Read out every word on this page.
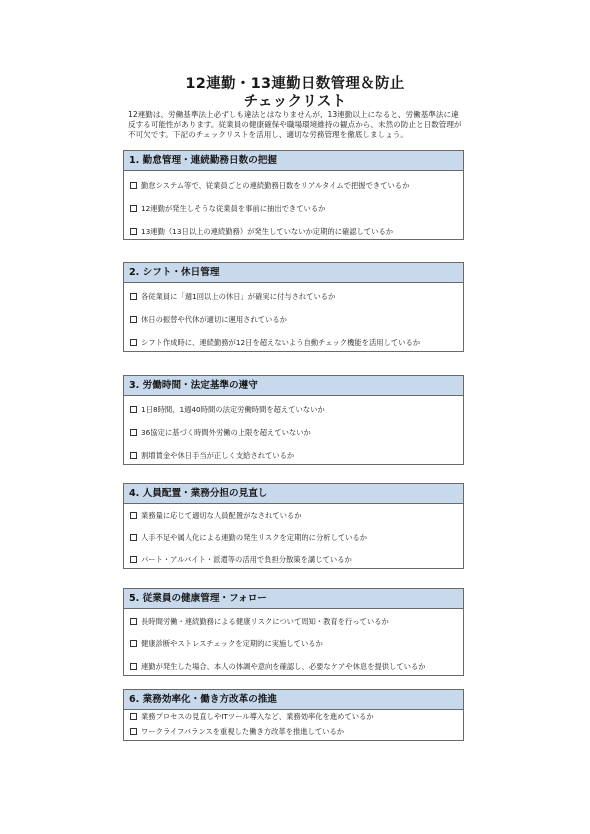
12連勤・13連勤日数管理＆防止
チェックリスト
12連勤は、労働基準法上必ずしも違法とはなりませんが、13連勤以上になると、労働基準法に違反する可能性があります。従業員の健康確保や職場環境維持の観点から、未然の防止と日数管理が不可欠です。下記のチェックリストを活用し、適切な労務管理を徹底しましょう。
1. 勤怠管理・連続勤務日数の把握
勤怠システム等で、従業員ごとの連続勤務日数をリアルタイムで把握できているか
12連勤が発生しそうな従業員を事前に抽出できているか
13連勤（13日以上の連続勤務）が発生していないか定期的に確認しているか
2. シフト・休日管理
各従業員に「週1回以上の休日」が確実に付与されているか
休日の振替や代休が適切に運用されているか
シフト作成時に、連続勤務が12日を超えないよう自動チェック機能を活用しているか
3. 労働時間・法定基準の遵守
1日8時間、1週40時間の法定労働時間を超えていないか
36協定に基づく時間外労働の上限を超えていないか
割増賃金や休日手当が正しく支給されているか
4. 人員配置・業務分担の見直し
業務量に応じて適切な人員配置がなされているか
人手不足や属人化による連勤の発生リスクを定期的に分析しているか
パート・アルバイト・派遣等の活用で負担分散策を講じているか
5. 従業員の健康管理・フォロー
長時間労働・連続勤務による健康リスクについて周知・教育を行っているか
健康診断やストレスチェックを定期的に実施しているか
連勤が発生した場合、本人の体調や意向を確認し、必要なケアや休息を提供しているか
6. 業務効率化・働き方改革の推進
業務プロセスの見直しやITツール導入など、業務効率化を進めているか
ワークライフバランスを重視した働き方改革を推進しているか
